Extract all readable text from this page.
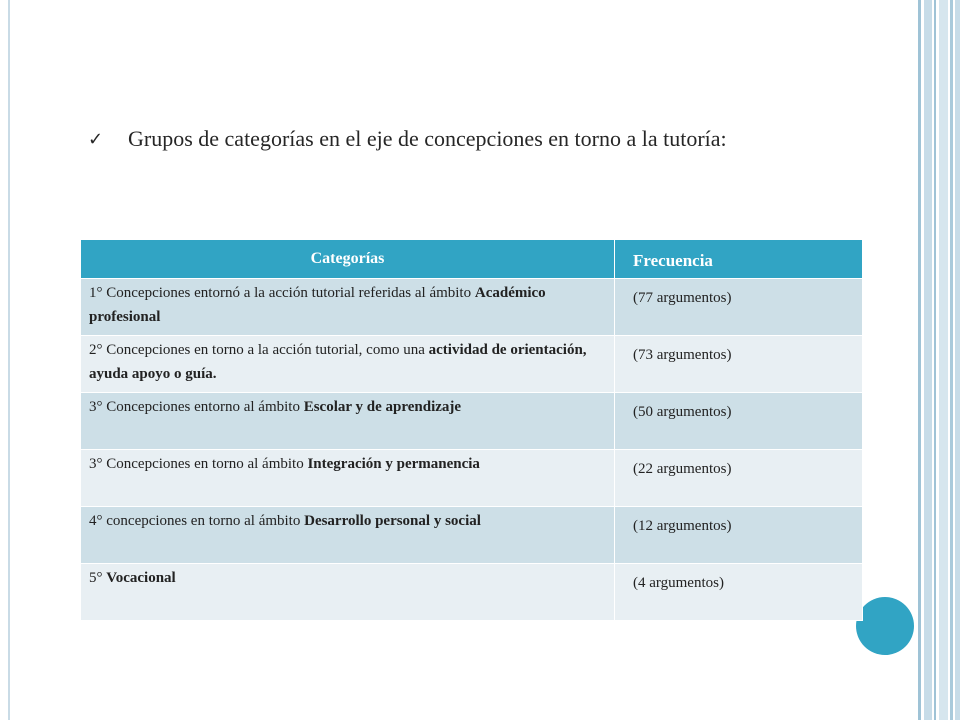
✓ Grupos de categorías en el eje de concepciones en torno a la tutoría:
Categorías	Frecuencia
1° Concepciones entornó a la acción tutorial referidas al ámbito Académico profesional	(77 argumentos)
2° Concepciones en torno a la acción tutorial, como una actividad de orientación, ayuda apoyo o guía.	(73 argumentos)
3° Concepciones entorno al ámbito Escolar y de aprendizaje	(50 argumentos)
3° Concepciones en torno al ámbito Integración y permanencia	(22 argumentos)
4° concepciones en torno al ámbito Desarrollo personal y social	(12 argumentos)
5° Vocacional	(4 argumentos)
